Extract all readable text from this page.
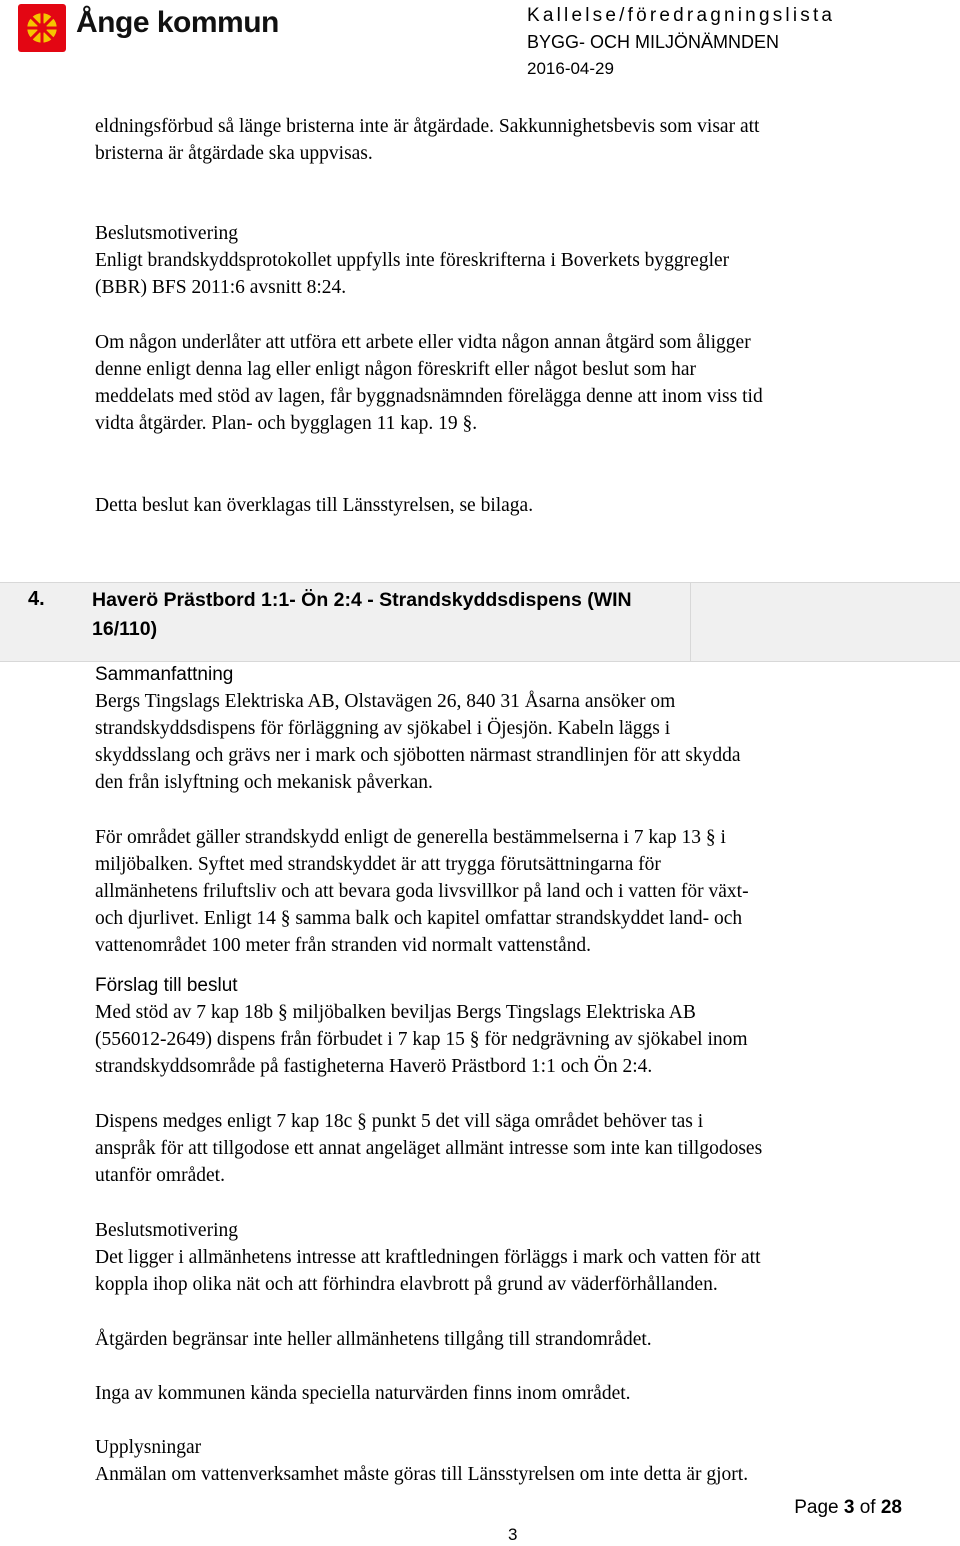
Ånge kommun	Kallelse/föredragningslista
BYGG- OCH MILJÖNÄMNDEN
2016-04-29
eldningsförbud så länge bristerna inte är åtgärdade. Sakkunnighetsbevis som visar att
bristerna är åtgärdade ska uppvisas.
Beslutsmotivering
Enligt brandskyddsprotokollet uppfylls inte föreskrifterna i Boverkets byggregler
(BBR) BFS 2011:6 avsnitt 8:24.
Om någon underlåter att utföra ett arbete eller vidta någon annan åtgärd som åligger
denne enligt denna lag eller enligt någon föreskrift eller något beslut som har
meddelats med stöd av lagen, får byggnadsnämnden förelägga denne att inom viss tid
vidta åtgärder. Plan- och bygglagen 11 kap. 19 §.
Detta beslut kan överklagas till Länsstyrelsen, se bilaga.
4. Haverö Prästbord 1:1- Ön 2:4 - Strandskyddsdispens (WIN
16/110)
Sammanfattning
Bergs Tingslags Elektriska AB, Olstavägen 26, 840 31 Åsarna ansöker om
strandskyddsdispens för förläggning av sjökabel i Öjesjön. Kabeln läggs i
skyddsslang och grävs ner i mark och sjöbotten närmast strandlinjen för att skydda
den från islyftning och mekanisk påverkan.
För området gäller strandskydd enligt de generella bestämmelserna i 7 kap 13 § i
miljöbalken. Syftet med strandskyddet är att trygga förutsättningarna för
allmänhetens friluftsliv och att bevara goda livsvillkor på land och i vatten för växt-
och djurlivet. Enligt 14 § samma balk och kapitel omfattar strandskyddet land- och
vattenområdet 100 meter från stranden vid normalt vattenstånd.
Förslag till beslut
Med stöd av 7 kap 18b § miljöbalken beviljas Bergs Tingslags Elektriska AB
(556012-2649) dispens från förbudet i 7 kap 15 § för nedgrävning av sjökabel inom
strandskyddsområde på fastigheterna Haverö Prästbord 1:1 och Ön 2:4.
Dispens medges enligt 7 kap 18c § punkt 5 det vill säga området behöver tas i
anspråk för att tillgodose ett annat angeläget allmänt intresse som inte kan tillgodoses
utanför området.
Beslutsmotivering
Det ligger i allmänhetens intresse att kraftledningen förläggs i mark och vatten för att
koppla ihop olika nät och att förhindra elavbrott på grund av väderförhållanden.
Åtgärden begränsar inte heller allmänhetens tillgång till strandområdet.
Inga av kommunen kända speciella naturvärden finns inom området.
Upplysningar
Anmälan om vattenverksamhet måste göras till Länsstyrelsen om inte detta är gjort.
Page 3 of 28
3
